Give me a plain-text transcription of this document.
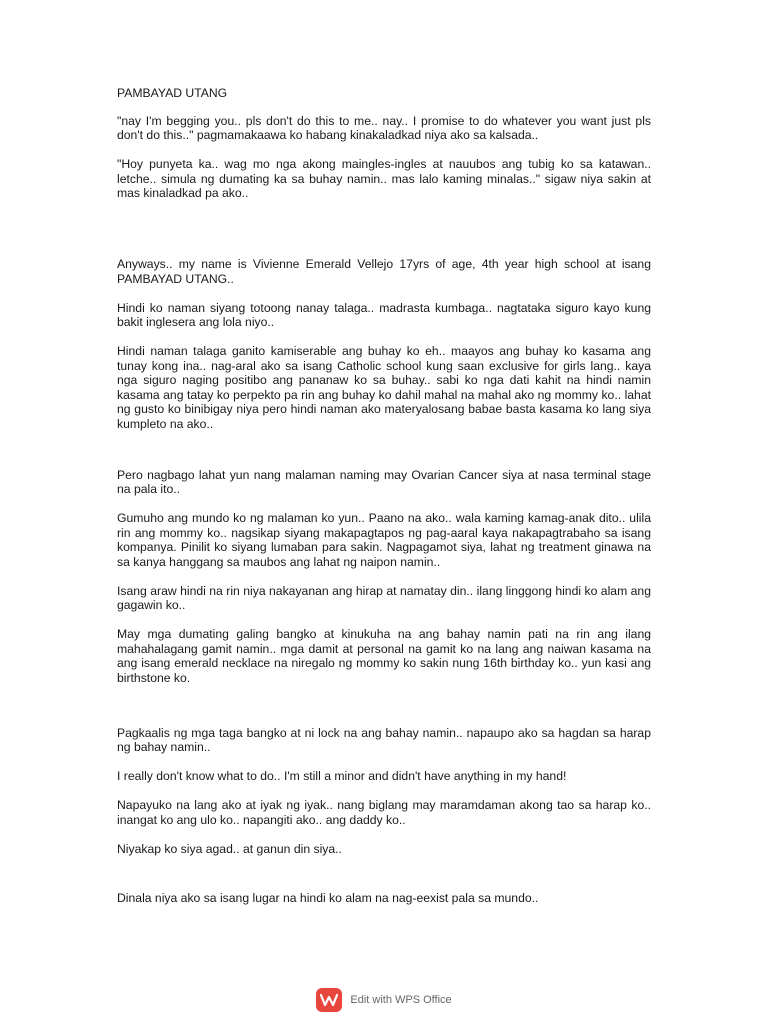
PAMBAYAD UTANG

"nay I'm begging you.. pls don't do this to me.. nay.. I promise to do whatever you want just pls don't do this.." pagmamakaawa ko habang kinakaladkad niya ako sa kalsada..

"Hoy punyeta ka.. wag mo nga akong maingles-ingles at nauubos ang tubig ko sa katawan.. letche.. simula ng dumating ka sa buhay namin.. mas lalo kaming minalas.." sigaw niya sakin at mas kinaladkad pa ako..

Anyways.. my name is Vivienne Emerald Vellejo 17yrs of age, 4th year high school at isang PAMBAYAD UTANG..

Hindi ko naman siyang totoong nanay talaga.. madrasta kumbaga.. nagtataka siguro kayo kung bakit inglesera ang lola niyo..

Hindi naman talaga ganito kamiserable ang buhay ko eh.. maayos ang buhay ko kasama ang tunay kong ina.. nag-aral ako sa isang Catholic school kung saan exclusive for girls lang.. kaya nga siguro naging positibo ang pananaw ko sa buhay.. sabi ko nga dati kahit na hindi namin kasama ang tatay ko perpekto pa rin ang buhay ko dahil mahal na mahal ako ng mommy ko.. lahat ng gusto ko binibigay niya pero hindi naman ako materyalosang babae basta kasama ko lang siya kumpleto na ako..

Pero nagbago lahat yun nang malaman naming may Ovarian Cancer siya at nasa terminal stage na pala ito..

Gumuho ang mundo ko ng malaman ko yun.. Paano na ako.. wala kaming kamag-anak dito.. ulila rin ang mommy ko.. nagsikap siyang makapagtapos ng pag-aaral kaya nakapagtrabaho sa isang kompanya. Pinilit ko siyang lumaban para sakin. Nagpagamot siya, lahat ng treatment ginawa na sa kanya hanggang sa maubos ang lahat ng naipon namin..

Isang araw hindi na rin niya nakayanan ang hirap at namatay din.. ilang linggong hindi ko alam ang gagawin ko..

May mga dumating galing bangko at kinukuha na ang bahay namin pati na rin ang ilang mahahalagang gamit namin.. mga damit at personal na gamit ko na lang ang naiwan kasama na ang isang emerald necklace na niregalo ng mommy ko sakin nung 16th birthday ko.. yun kasi ang birthstone ko.

Pagkaalis ng mga taga bangko at ni lock na ang bahay namin.. napaupo ako sa hagdan sa harap ng bahay namin..

I really don't know what to do.. I'm still a minor and didn't have anything in my hand!

Napayuko na lang ako at iyak ng iyak.. nang biglang may maramdaman akong tao sa harap ko.. inangat ko ang ulo ko.. napangiti ako.. ang daddy ko..

Niyakap ko siya agad.. at ganun din siya..

Dinala niya ako sa isang lugar na hindi ko alam na nag-eexist pala sa mundo..

Edit with WPS Office
